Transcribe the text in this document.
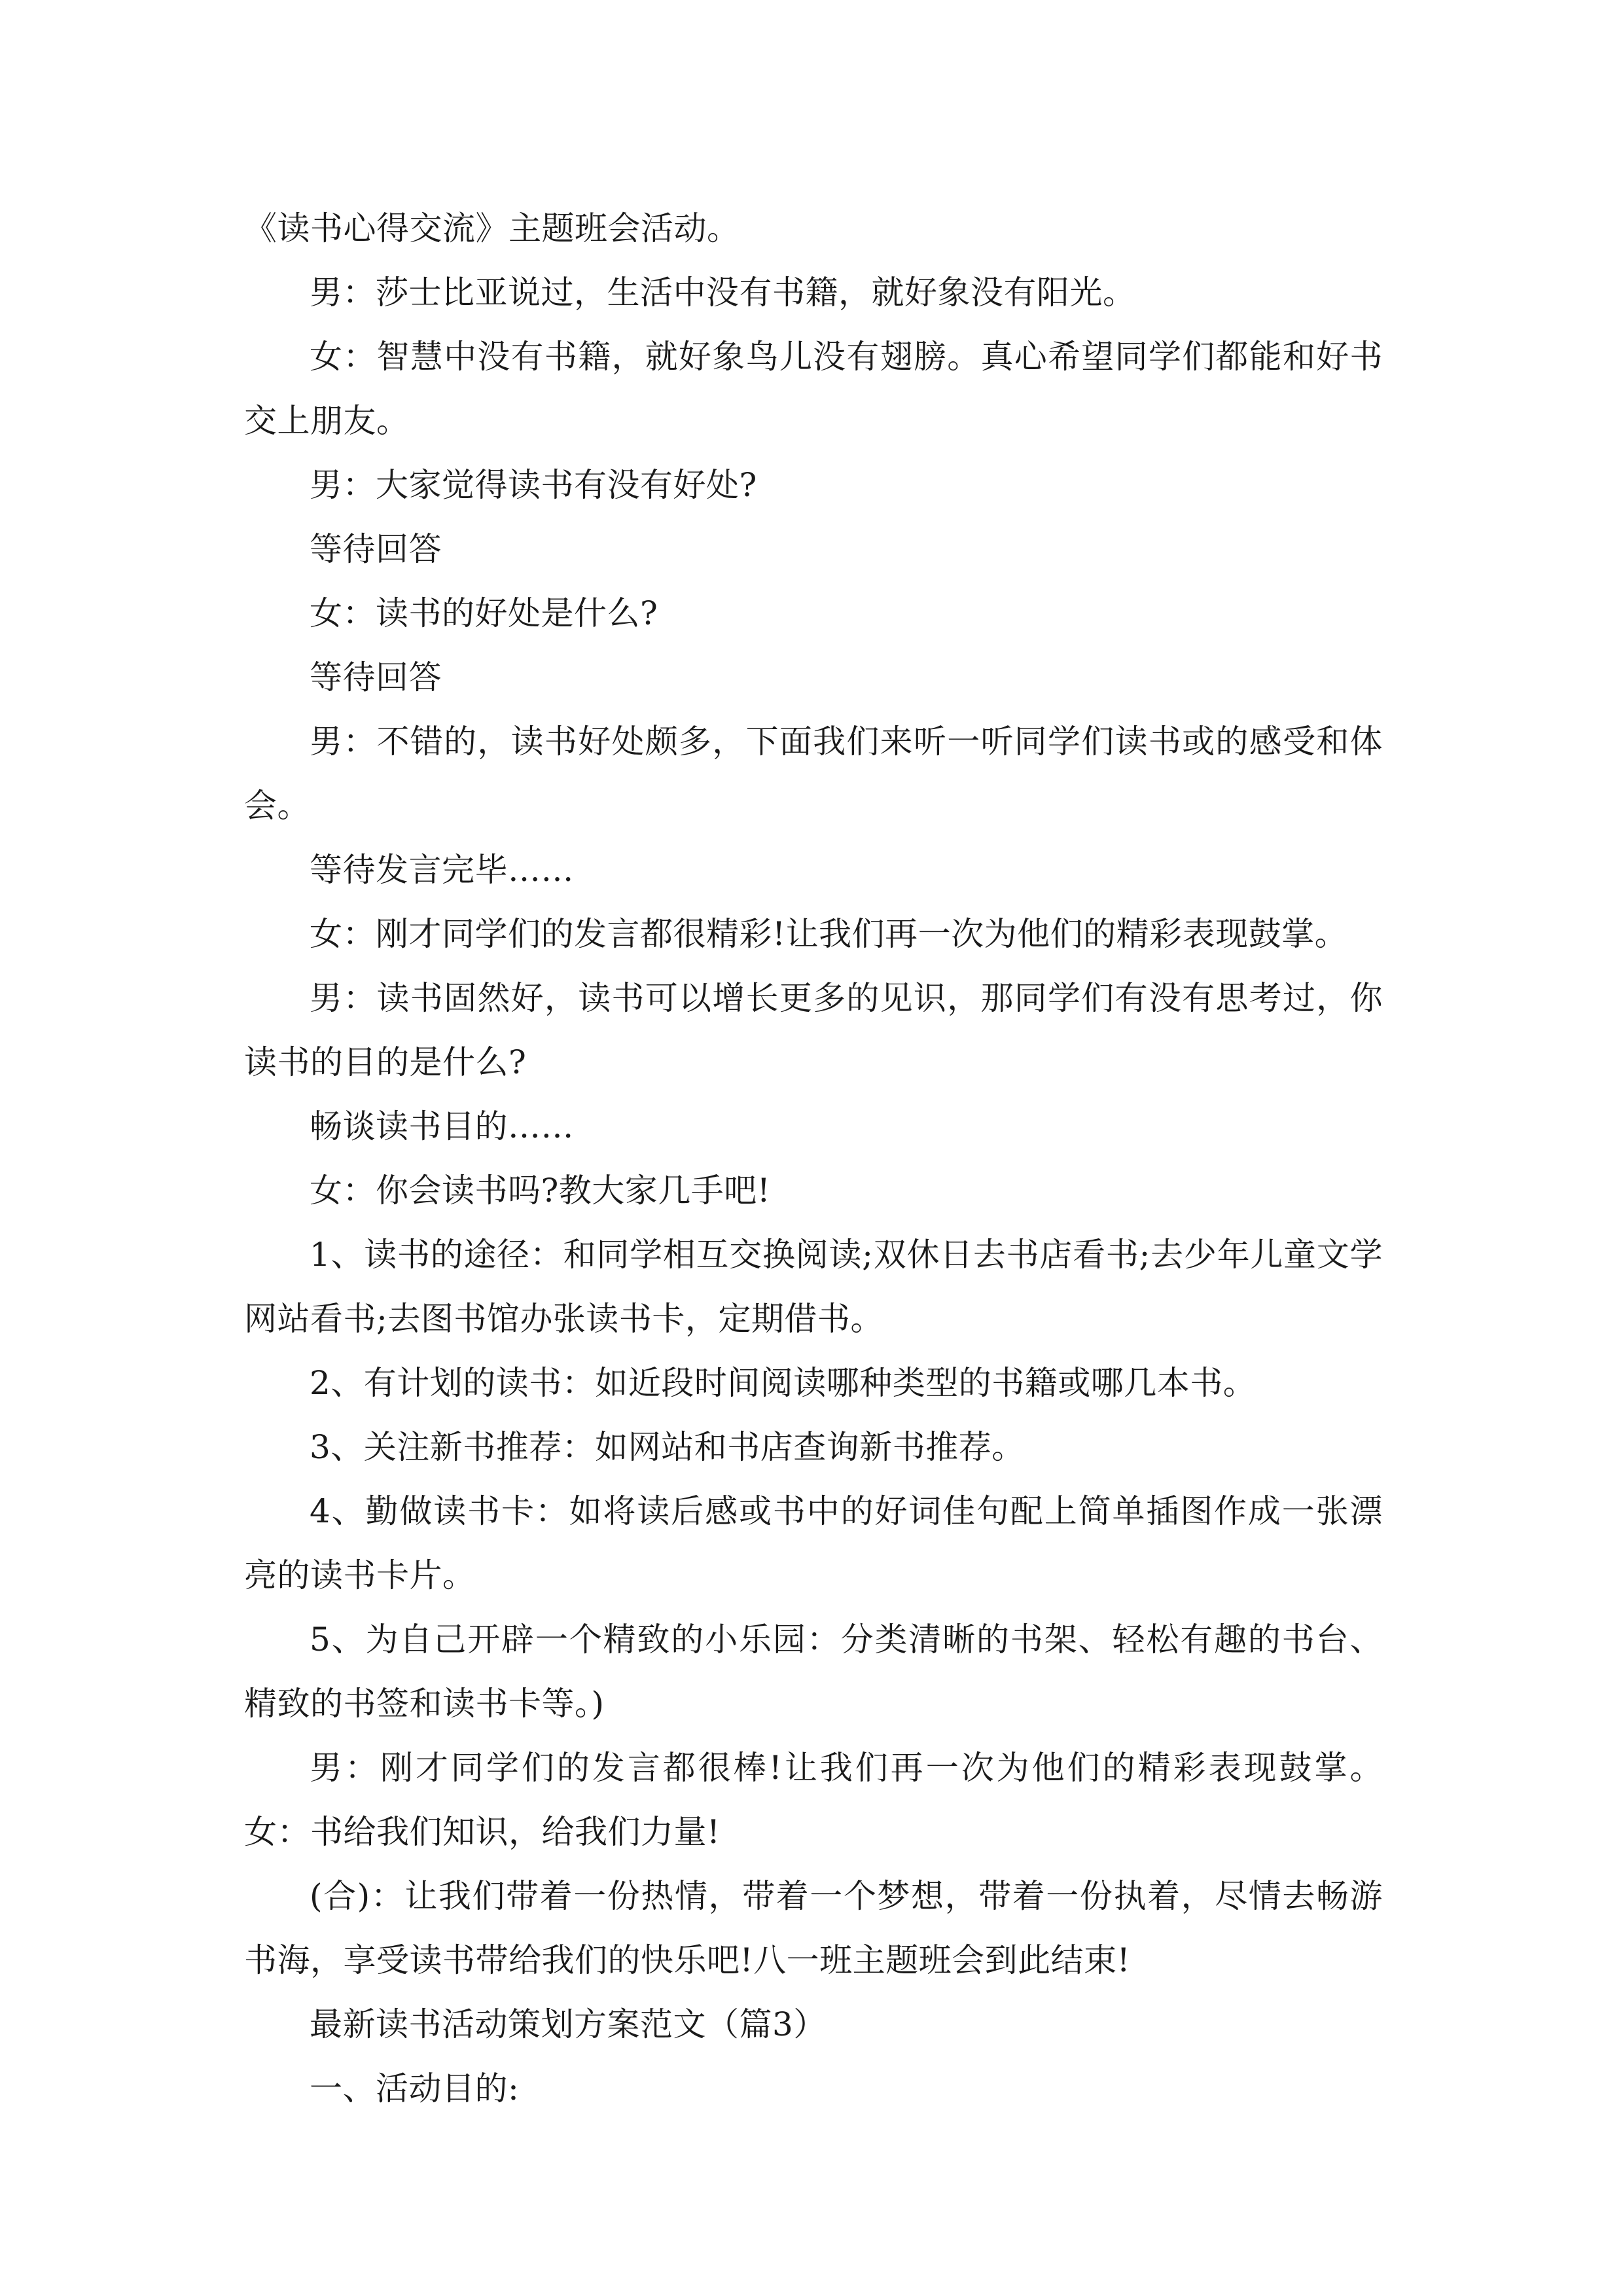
《读书心得交流》主题班会活动。

男：莎士比亚说过，生活中没有书籍，就好象没有阳光。

女：智慧中没有书籍，就好象鸟儿没有翅膀。真心希望同学们都能和好书交上朋友。

男：大家觉得读书有没有好处?

等待回答

女：读书的好处是什么?

等待回答

男：不错的，读书好处颇多，下面我们来听一听同学们读书或的感受和体会。

等待发言完毕……

女：刚才同学们的发言都很精彩!让我们再一次为他们的精彩表现鼓掌。

男：读书固然好，读书可以增长更多的见识，那同学们有没有思考过，你读书的目的是什么?

畅谈读书目的……

女：你会读书吗?教大家几手吧!

1、读书的途径：和同学相互交换阅读;双休日去书店看书;去少年儿童文学网站看书;去图书馆办张读书卡，定期借书。

2、有计划的读书：如近段时间阅读哪种类型的书籍或哪几本书。

3、关注新书推荐：如网站和书店查询新书推荐。

4、勤做读书卡：如将读后感或书中的好词佳句配上简单插图作成一张漂亮的读书卡片。

5、为自己开辟一个精致的小乐园：分类清晰的书架、轻松有趣的书台、精致的书签和读书卡等。)

男：刚才同学们的发言都很棒!让我们再一次为他们的精彩表现鼓掌。 女：书给我们知识，给我们力量!

(合)：让我们带着一份热情，带着一个梦想，带着一份执着，尽情去畅游书海，享受读书带给我们的快乐吧!八一班主题班会到此结束!

最新读书活动策划方案范文（篇3）

一、活动目的:
